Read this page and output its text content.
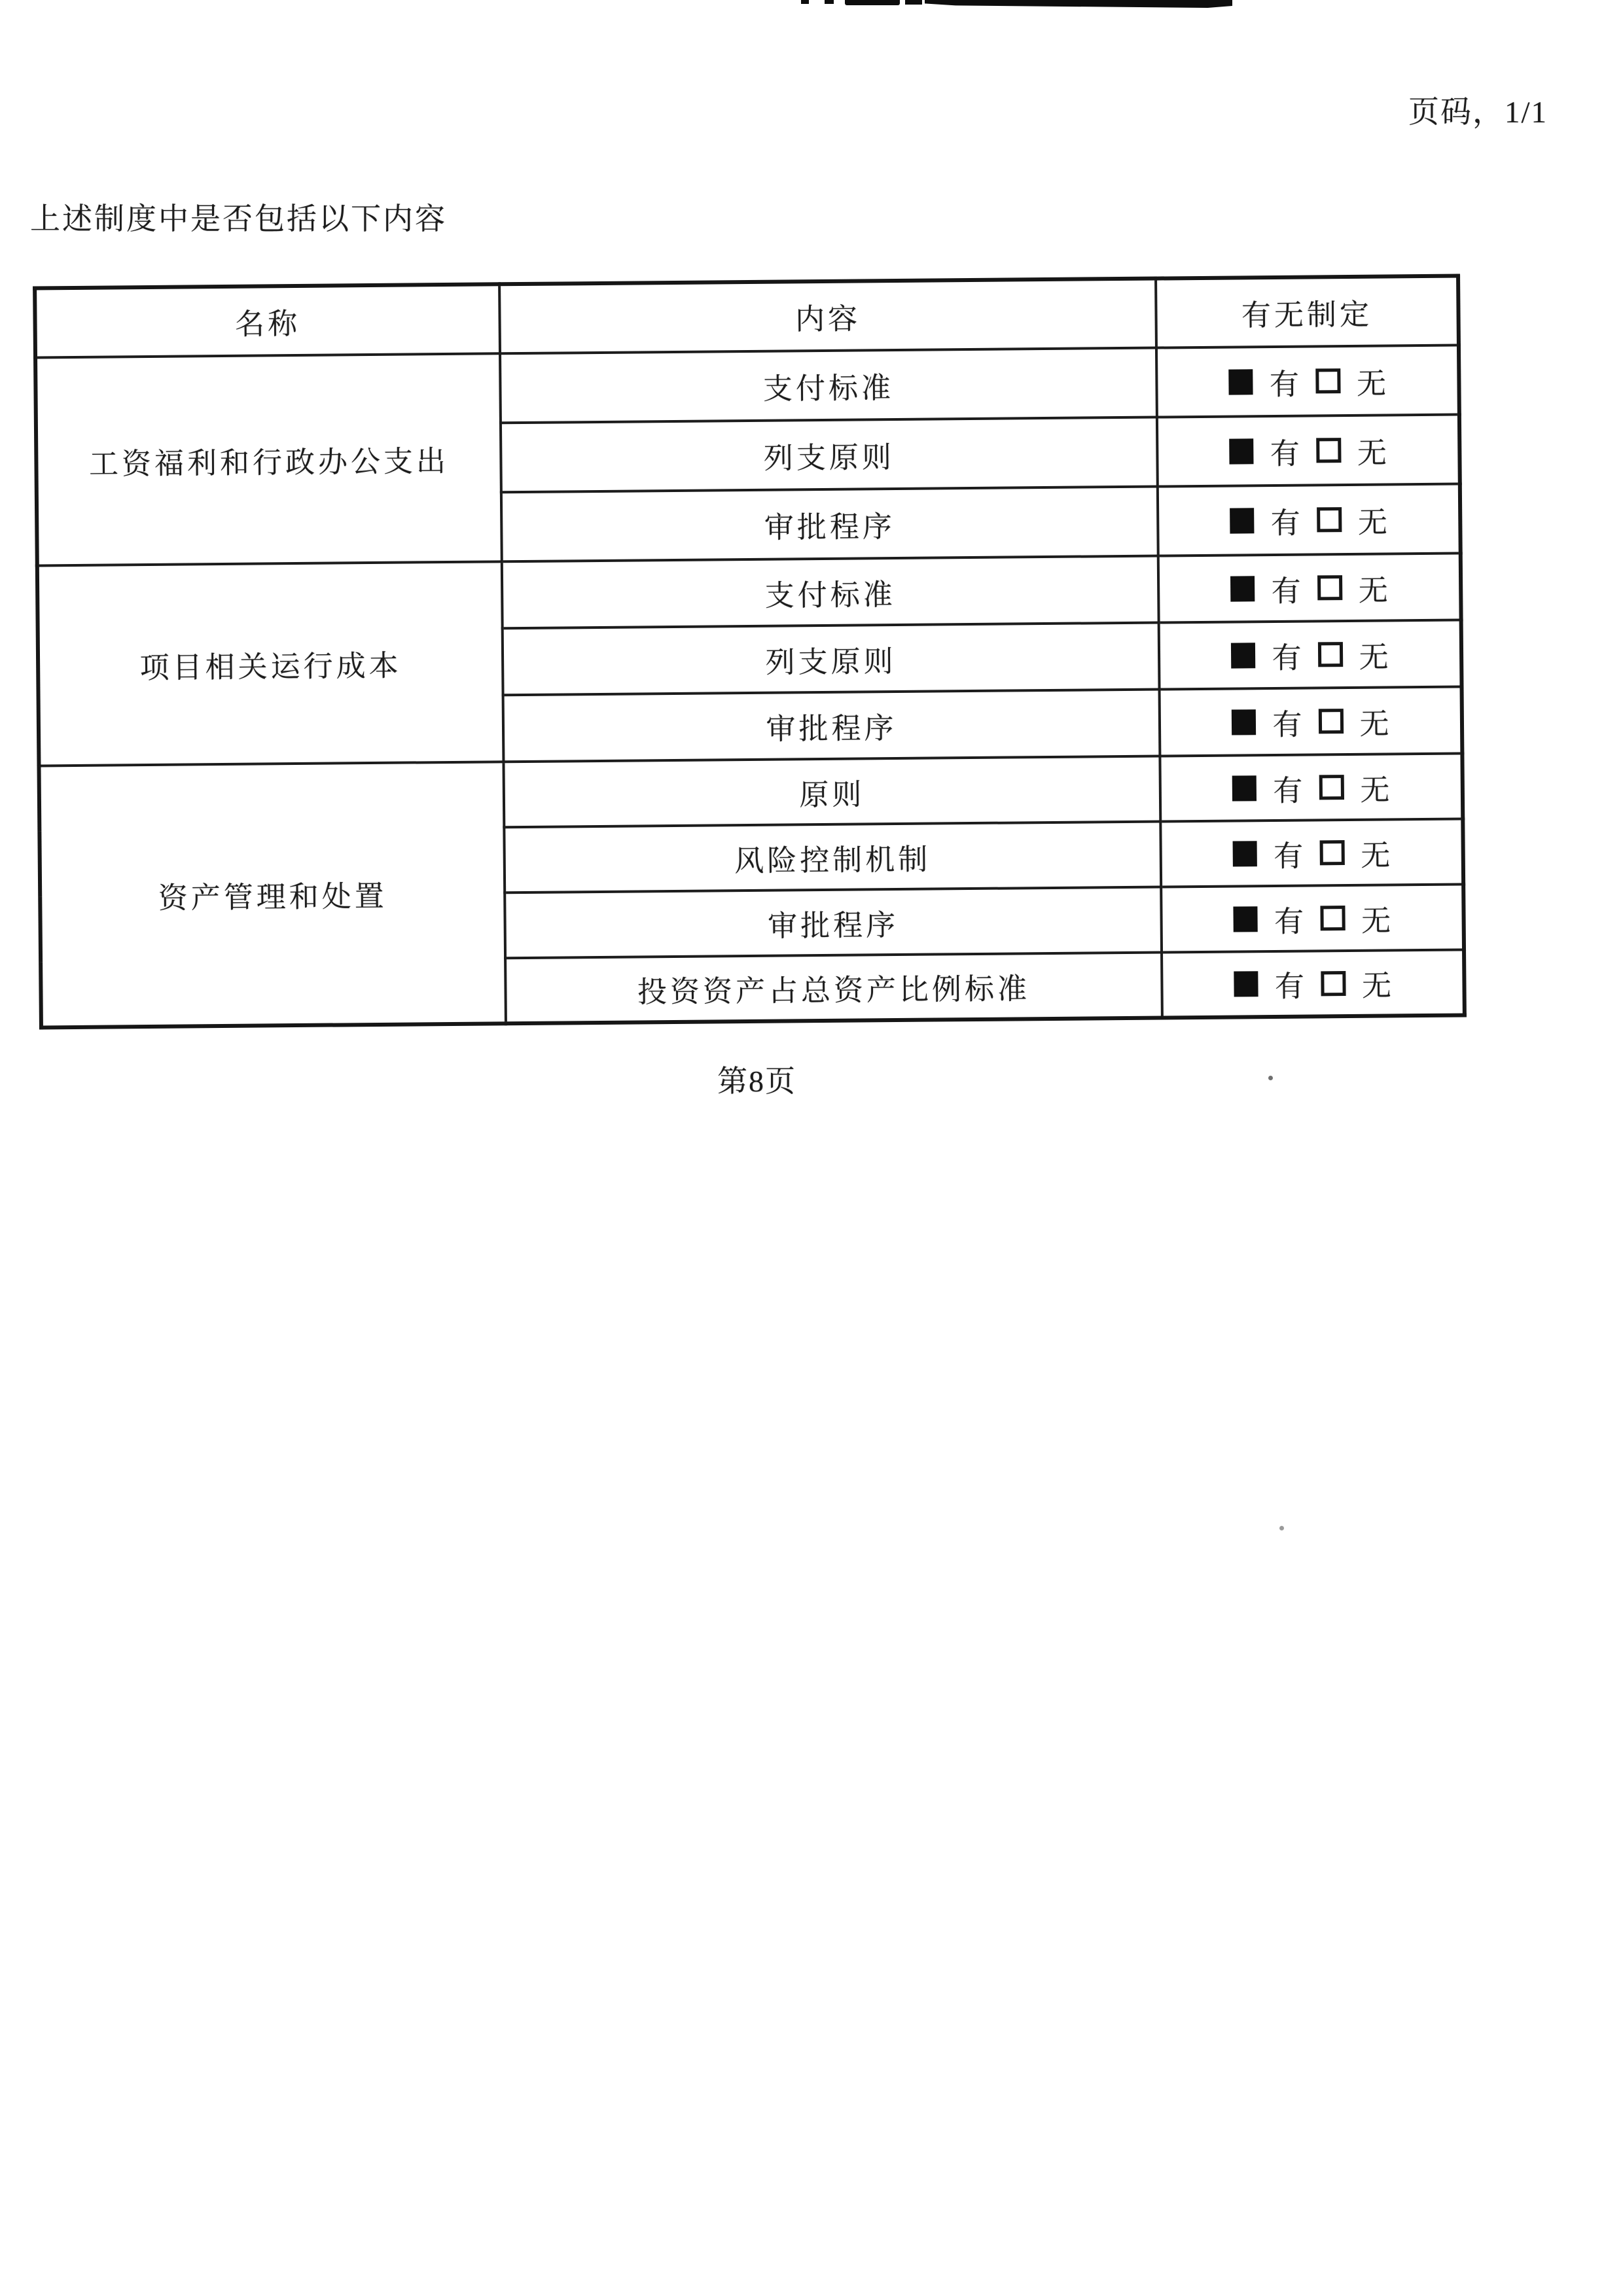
页码，1/1
上述制度中是否包括以下内容
名称	内容	有无制定
工资福利和行政办公支出	支付标准	有 无

	列支原则	有 无

	审批程序	有 无

项目相关运行成本	支付标准	有 无

	列支原则	有 无

	审批程序	有 无

资产管理和处置	原则	有 无

	风险控制机制	有 无

	审批程序	有 无

	投资资产占总资产比例标准	有 无
第8页
